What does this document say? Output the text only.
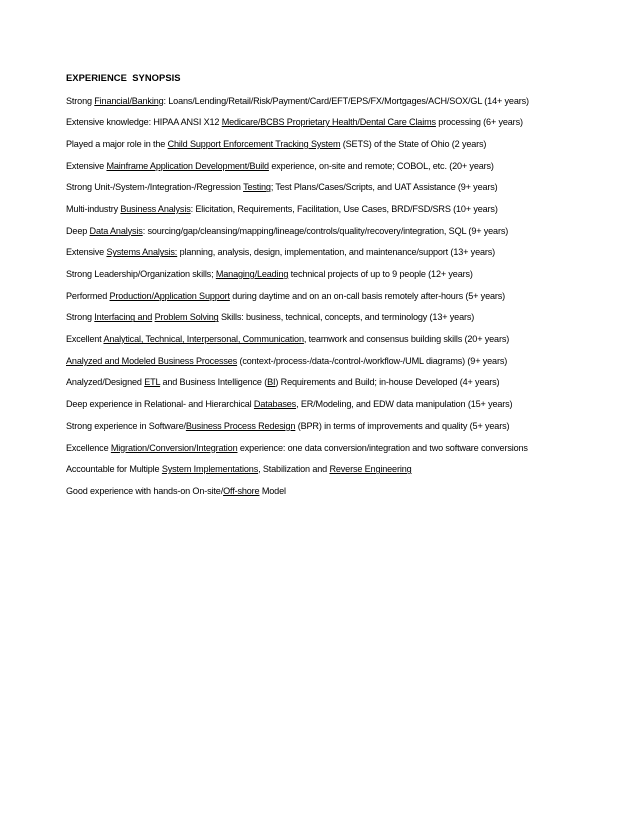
EXPERIENCE  SYNOPSIS
Strong Financial/Banking: Loans/Lending/Retail/Risk/Payment/Card/EFT/EPS/FX/Mortgages/ACH/SOX/GL (14+ years)
Extensive knowledge: HIPAA ANSI X12 Medicare/BCBS Proprietary Health/Dental Care Claims processing (6+ years)
Played a major role in the Child Support Enforcement Tracking System (SETS) of the State of Ohio (2 years)
Extensive Mainframe Application Development/Build experience, on-site and remote; COBOL, etc. (20+ years)
Strong Unit-/System-/Integration-/Regression Testing; Test Plans/Cases/Scripts, and UAT Assistance (9+ years)
Multi-industry Business Analysis: Elicitation, Requirements, Facilitation, Use Cases, BRD/FSD/SRS (10+ years)
Deep Data Analysis: sourcing/gap/cleansing/mapping/lineage/controls/quality/recovery/integration, SQL (9+ years)
Extensive Systems Analysis: planning, analysis, design, implementation, and maintenance/support (13+ years)
Strong Leadership/Organization skills; Managing/Leading technical projects of up to 9 people (12+ years)
Performed Production/Application Support during daytime and on an on-call basis remotely after-hours (5+ years)
Strong Interfacing and Problem Solving Skills: business, technical, concepts, and terminology (13+ years)
Excellent Analytical, Technical, Interpersonal, Communication, teamwork and consensus building skills (20+ years)
Analyzed and Modeled Business Processes (context-/process-/data-/control-/workflow-/UML diagrams) (9+ years)
Analyzed/Designed ETL and Business Intelligence (BI) Requirements and Build; in-house Developed (4+ years)
Deep experience in Relational- and Hierarchical Databases, ER/Modeling, and EDW data manipulation (15+ years)
Strong experience in Software/Business Process Redesign (BPR) in terms of improvements and quality (5+ years)
Excellence Migration/Conversion/Integration experience: one data conversion/integration and two software conversions
Accountable for Multiple System Implementations, Stabilization and Reverse Engineering
Good experience with hands-on On-site/Off-shore Model
